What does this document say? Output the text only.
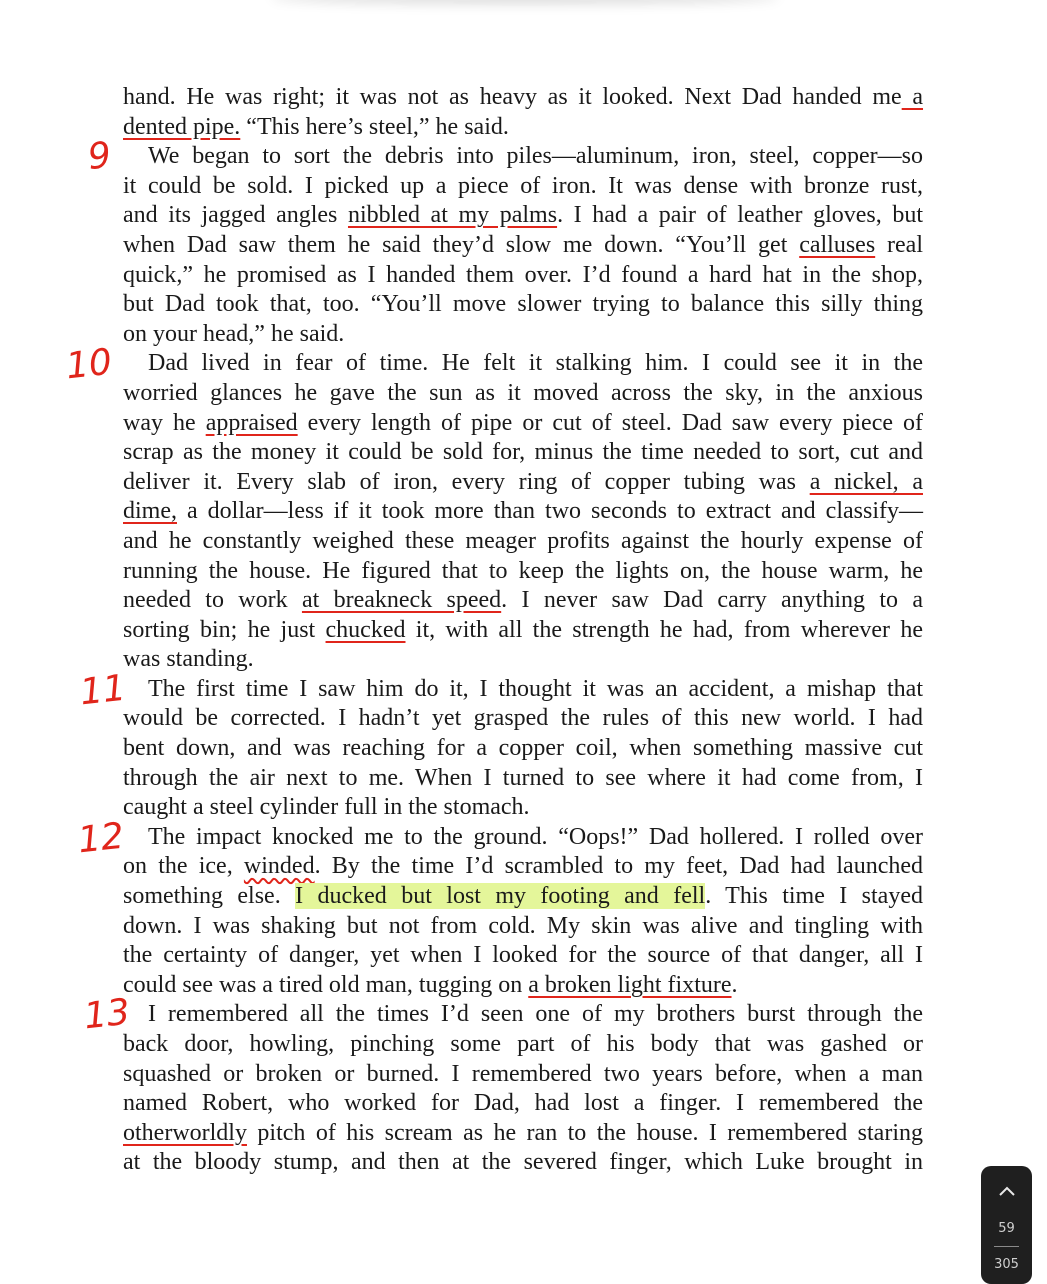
hand. He was right; it was not as heavy as it looked. Next Dad handed me a
dented pipe. “This here’s steel,” he said.
We began to sort the debris into piles—aluminum, iron, steel, copper—so
it could be sold. I picked up a piece of iron. It was dense with bronze rust,
and its jagged angles nibbled at my palms. I had a pair of leather gloves, but
when Dad saw them he said they’d slow me down. “You’ll get calluses real
quick,” he promised as I handed them over. I’d found a hard hat in the shop,
but Dad took that, too. “You’ll move slower trying to balance this silly thing
on your head,” he said.
Dad lived in fear of time. He felt it stalking him. I could see it in the
worried glances he gave the sun as it moved across the sky, in the anxious
way he appraised every length of pipe or cut of steel. Dad saw every piece of
scrap as the money it could be sold for, minus the time needed to sort, cut and
deliver it. Every slab of iron, every ring of copper tubing was a nickel, a
dime, a dollar—less if it took more than two seconds to extract and classify—
and he constantly weighed these meager profits against the hourly expense of
running the house. He figured that to keep the lights on, the house warm, he
needed to work at breakneck speed. I never saw Dad carry anything to a
sorting bin; he just chucked it, with all the strength he had, from wherever he
was standing.
The first time I saw him do it, I thought it was an accident, a mishap that
would be corrected. I hadn’t yet grasped the rules of this new world. I had
bent down, and was reaching for a copper coil, when something massive cut
through the air next to me. When I turned to see where it had come from, I
caught a steel cylinder full in the stomach.
The impact knocked me to the ground. “Oops!” Dad hollered. I rolled over
on the ice, winded. By the time I’d scrambled to my feet, Dad had launched
something else. I ducked but lost my footing and fell. This time I stayed
down. I was shaking but not from cold. My skin was alive and tingling with
the certainty of danger, yet when I looked for the source of that danger, all I
could see was a tired old man, tugging on a broken light fixture.
I remembered all the times I’d seen one of my brothers burst through the
back door, howling, pinching some part of his body that was gashed or
squashed or broken or burned. I remembered two years before, when a man
named Robert, who worked for Dad, had lost a finger. I remembered the
otherworldly pitch of his scream as he ran to the house. I remembered staring
at the bloody stump, and then at the severed finger, which Luke brought in
9
10
11
12
13
59
305
